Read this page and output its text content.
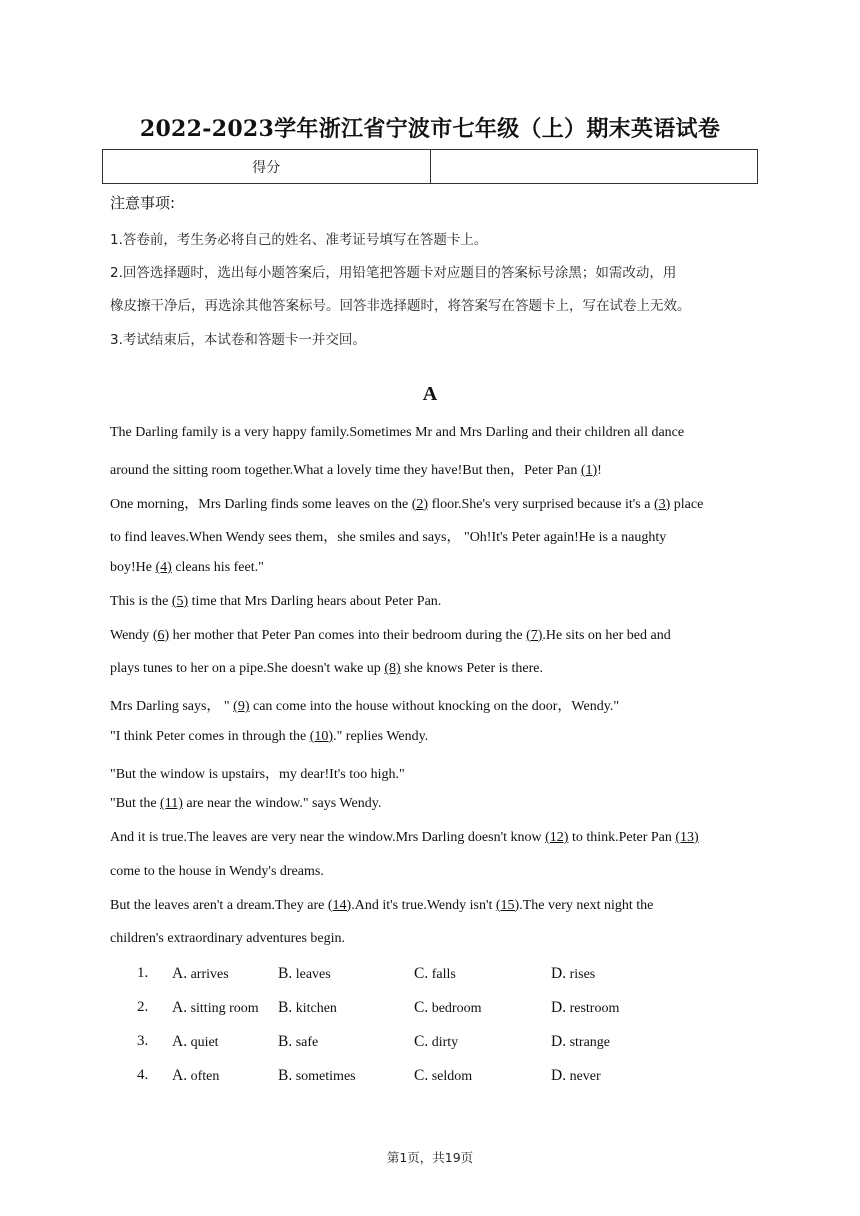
2022-2023学年浙江省宁波市七年级（上）期末英语试卷
得分	
注意事项:
1.答卷前，考生务必将自己的姓名、准考证号填写在答题卡上。
2.回答选择题时，选出每小题答案后，用铅笔把答题卡对应题目的答案标号涂黑；如需改动，用
橡皮擦干净后，再选涂其他答案标号。回答非选择题时，将答案写在答题卡上，写在试卷上无效。
3.考试结束后，本试卷和答题卡一并交回。
A
The Darling family is a very happy family.Sometimes Mr and Mrs Darling and their children all dance
around the sitting room together.What a lovely time they have!But then，Peter Pan (1)!
One morning，Mrs Darling finds some leaves on the (2) floor.She's very surprised because it's a (3) place
to find leaves.When Wendy sees them，she smiles and says， "Oh!It's Peter again!He is a naughty
boy!He (4) cleans his feet."
This is the (5) time that Mrs Darling hears about Peter Pan.
Wendy (6) her mother that Peter Pan comes into their bedroom during the (7).He sits on her bed and
plays tunes to her on a pipe.She doesn't wake up (8) she knows Peter is there.
Mrs Darling says， " (9) can come into the house without knocking on the door，Wendy."
"I think Peter comes in through the (10)." replies Wendy.
"But the window is upstairs，my dear!It's too high."
"But the (11) are near the window." says Wendy.
And it is true.The leaves are very near the window.Mrs Darling doesn't know (12) to think.Peter Pan (13)
come to the house in Wendy's dreams.
But the leaves aren't a dream.They are (14).And it's true.Wendy isn't (15).The very next night the
children's extraordinary adventures begin.
1. A. arrives	B. leaves	C. falls	D. rises
2. A. sitting room B. kitchen	C. bedroom	D. restroom
3. A. quiet	B. safe	C. dirty	D. strange
4. A. often	B. sometimes	C. seldom	D. never
第1页，共19页
